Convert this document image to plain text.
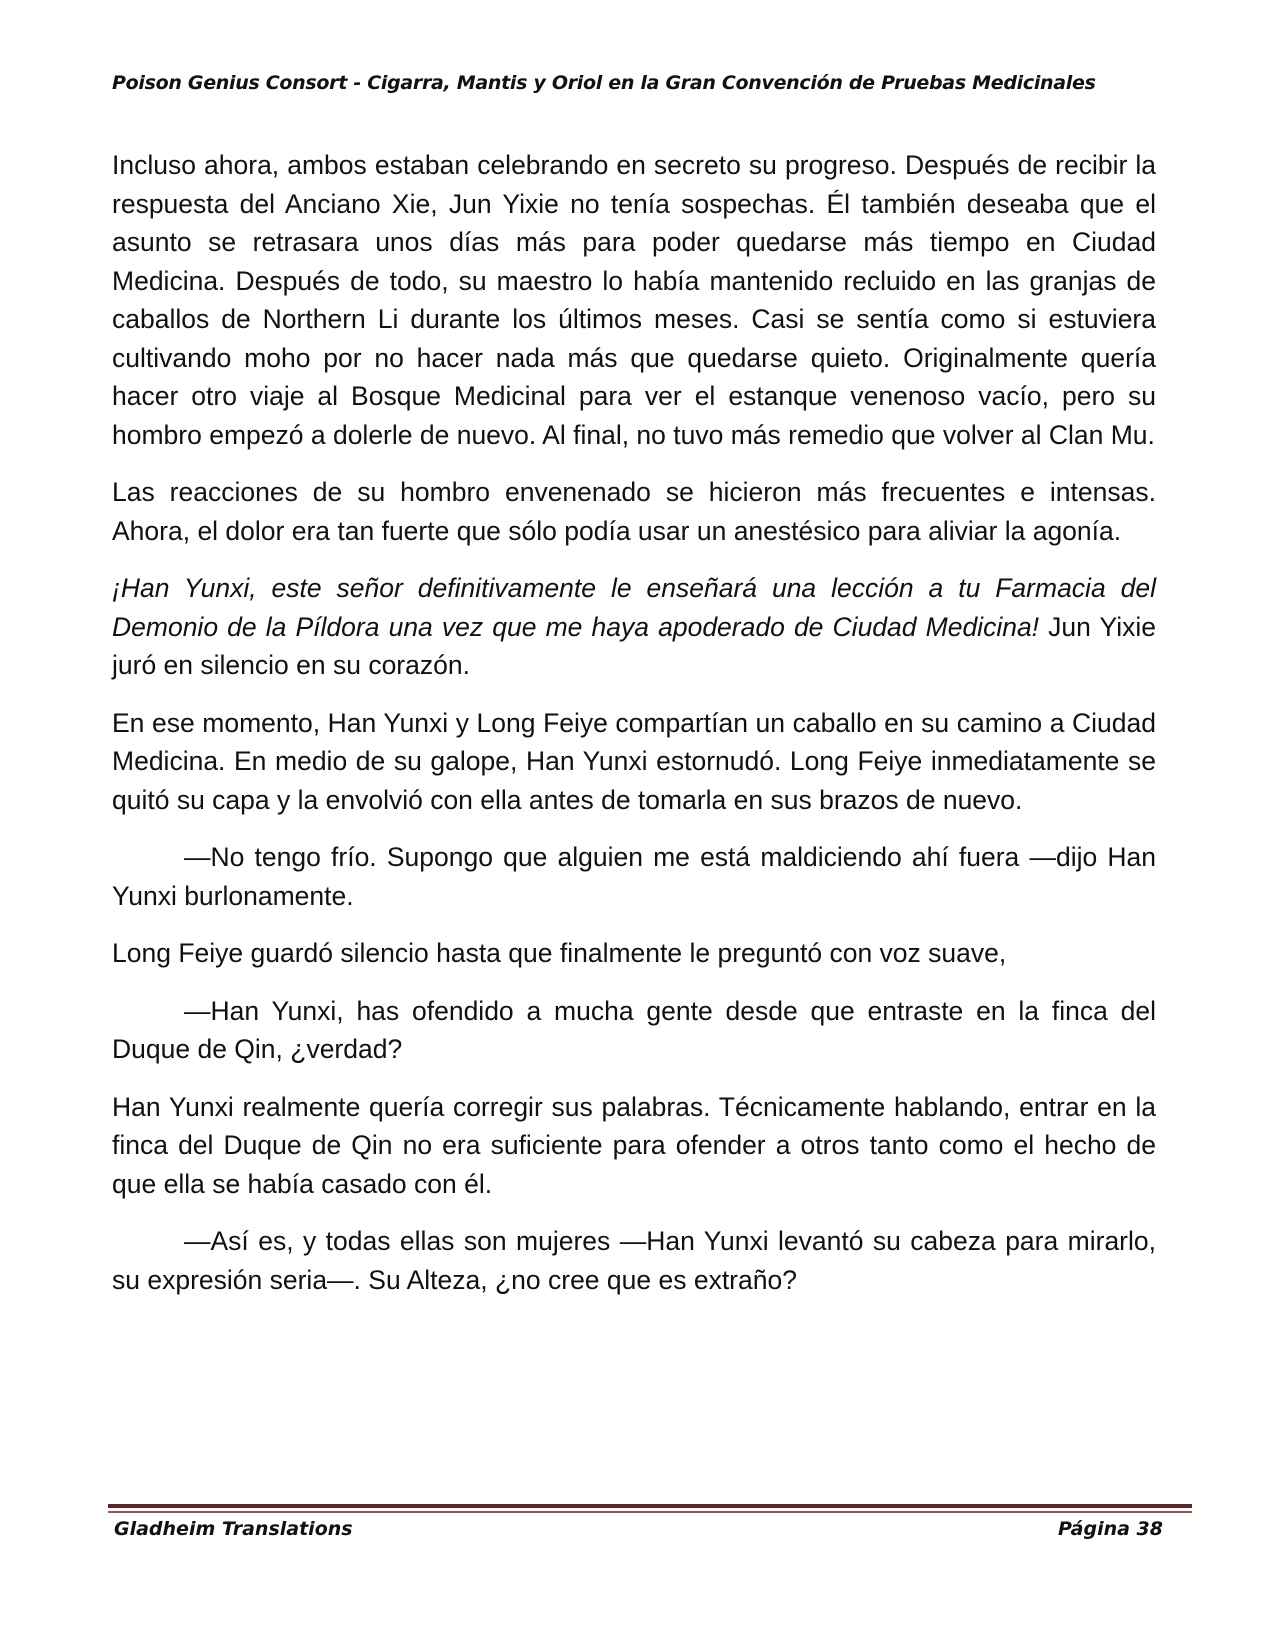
Poison Genius Consort - Cigarra, Mantis y Oriol en la Gran Convención de Pruebas Medicinales

Incluso ahora, ambos estaban celebrando en secreto su progreso. Después de recibir la respuesta del Anciano Xie, Jun Yixie no tenía sospechas. Él también deseaba que el asunto se retrasara unos días más para poder quedarse más tiempo en Ciudad Medicina. Después de todo, su maestro lo había mantenido recluido en las granjas de caballos de Northern Li durante los últimos meses. Casi se sentía como si estuviera cultivando moho por no hacer nada más que quedarse quieto. Originalmente quería hacer otro viaje al Bosque Medicinal para ver el estanque venenoso vacío, pero su hombro empezó a dolerle de nuevo. Al final, no tuvo más remedio que volver al Clan Mu.

Las reacciones de su hombro envenenado se hicieron más frecuentes e intensas. Ahora, el dolor era tan fuerte que sólo podía usar un anestésico para aliviar la agonía.

¡Han Yunxi, este señor definitivamente le enseñará una lección a tu Farmacia del Demonio de la Píldora una vez que me haya apoderado de Ciudad Medicina! Jun Yixie juró en silencio en su corazón.

En ese momento, Han Yunxi y Long Feiye compartían un caballo en su camino a Ciudad Medicina. En medio de su galope, Han Yunxi estornudó. Long Feiye inmediatamente se quitó su capa y la envolvió con ella antes de tomarla en sus brazos de nuevo.

—No tengo frío. Supongo que alguien me está maldiciendo ahí fuera —dijo Han Yunxi burlonamente.

Long Feiye guardó silencio hasta que finalmente le preguntó con voz suave,

—Han Yunxi, has ofendido a mucha gente desde que entraste en la finca del Duque de Qin, ¿verdad?

Han Yunxi realmente quería corregir sus palabras. Técnicamente hablando, entrar en la finca del Duque de Qin no era suficiente para ofender a otros tanto como el hecho de que ella se había casado con él.

—Así es, y todas ellas son mujeres —Han Yunxi levantó su cabeza para mirarlo, su expresión seria—. Su Alteza, ¿no cree que es extraño?

Gladheim Translations	Página 38
